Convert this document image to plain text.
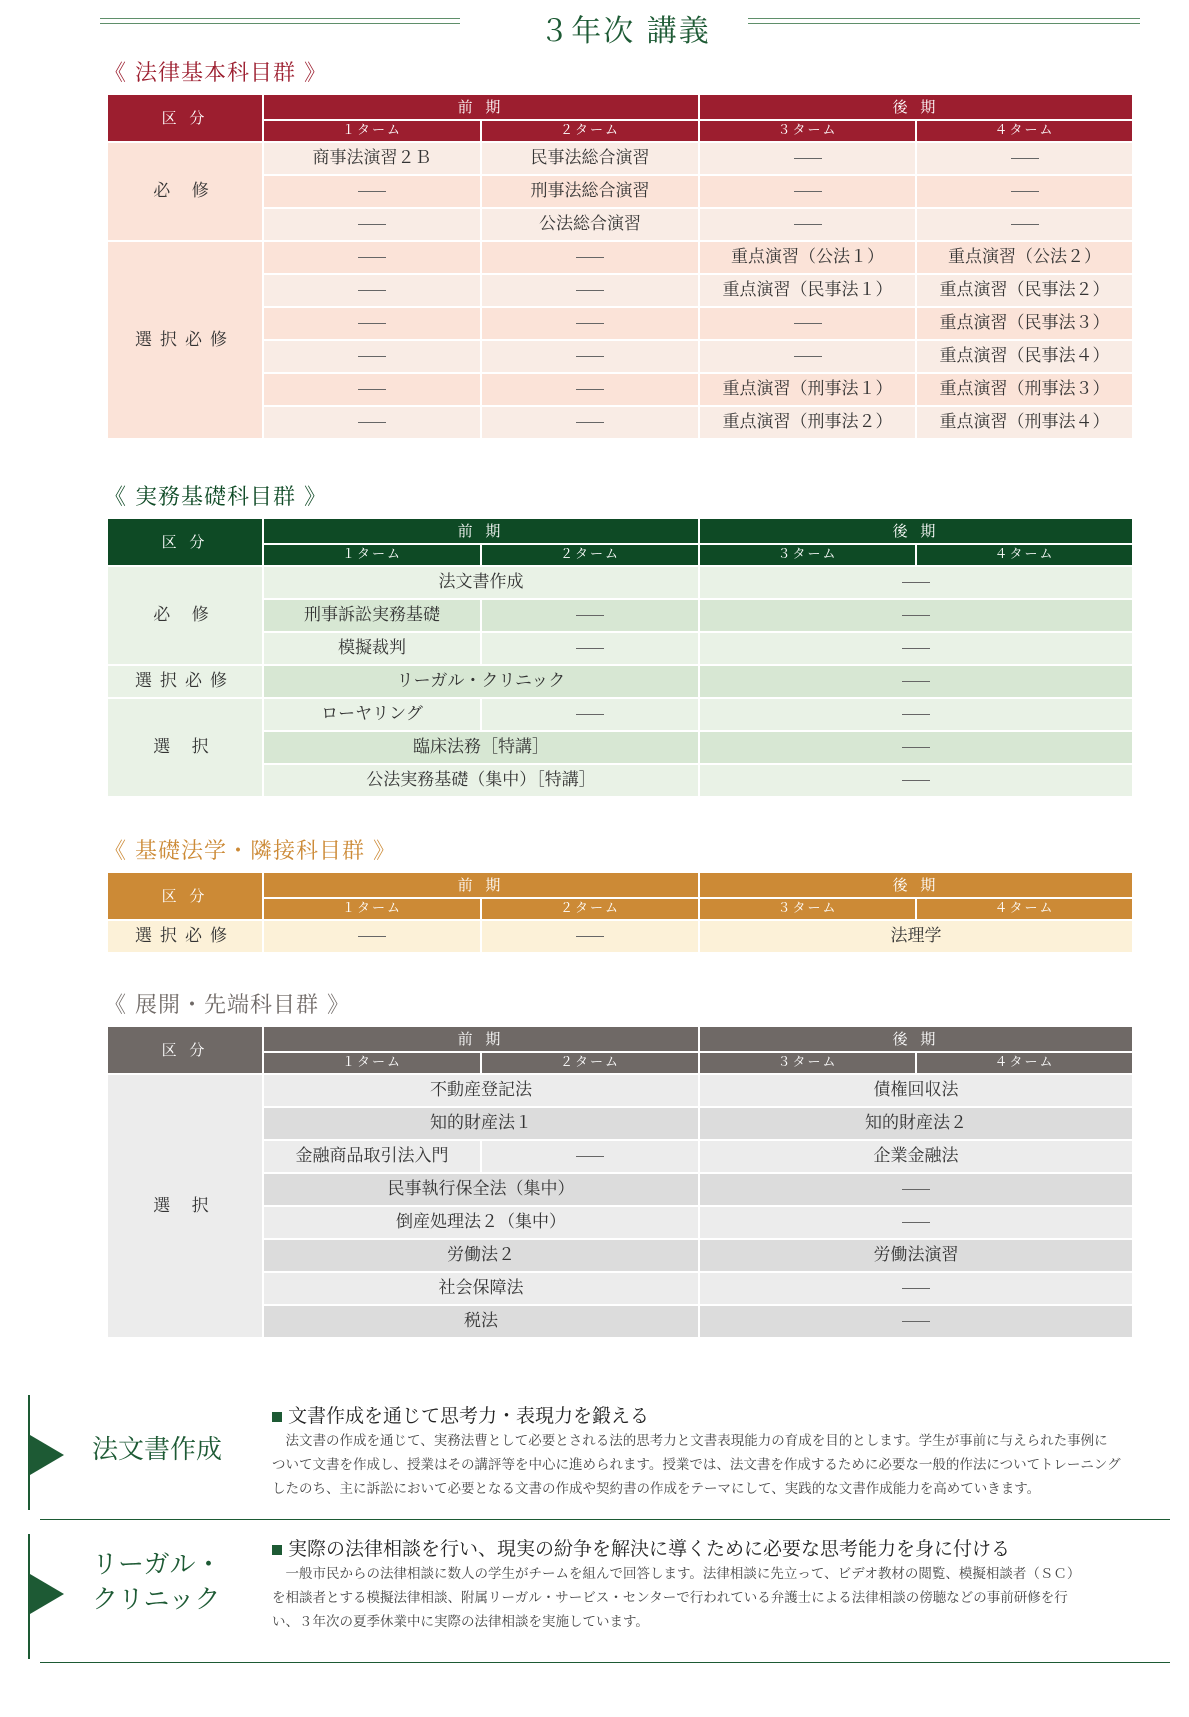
３年次 講義
《 法律基本科目群 》
区 分	前 期		後 期	
	１ターム	２ターム	３ターム	４ターム
必 修	商事法演習２Ｂ	民事法総合演習		
		刑事法総合演習		
		公法総合演習		
選択必修			重点演習（公法１）	重点演習（公法２）
			重点演習（民事法１）	重点演習（民事法２）
				重点演習（民事法３）
				重点演習（民事法４）
			重点演習（刑事法１）	重点演習（刑事法３）
			重点演習（刑事法２）	重点演習（刑事法４）
《 実務基礎科目群 》
区 分	前 期		後 期	
	１ターム	２ターム	３ターム	４ターム
必 修	法文書作成			
	刑事訴訟実務基礎			
	模擬裁判			
選択必修	リーガル・クリニック			
選 択	ローヤリング			
	臨床法務［特講］			
	公法実務基礎（集中）［特講］			
《 基礎法学・隣接科目群 》
区 分	前 期		後 期	
	１ターム	２ターム	３ターム	４ターム
選択必修			法理学	
《 展開・先端科目群 》
区 分	前 期		後 期	
	１ターム	２ターム	３ターム	４ターム
選 択	不動産登記法		債権回収法	
	知的財産法１		知的財産法２	
	金融商品取引法入門		企業金融法	
	民事執行保全法（集中）			
	倒産処理法２（集中）			
	労働法２		労働法演習	
	社会保障法			
	税法			
法文書作成
文書作成を通じて思考力・表現力を鍛える
法文書の作成を通じて、実務法曹として必要とされる法的思考力と文書表現能力の育成を目的とします。学生が事前に与えられた事例に
ついて文書を作成し、授業はその講評等を中心に進められます。授業では、法文書を作成するために必要な一般的作法についてトレーニング
したのち、主に訴訟において必要となる文書の作成や契約書の作成をテーマにして、実践的な文書作成能力を高めていきます。
リーガル・
クリニック
実際の法律相談を行い、現実の紛争を解決に導くために必要な思考能力を身に付ける
一般市民からの法律相談に数人の学生がチームを組んで回答します。法律相談に先立って、ビデオ教材の閲覧、模擬相談者（ＳＣ）
を相談者とする模擬法律相談、附属リーガル・サービス・センターで行われている弁護士による法律相談の傍聴などの事前研修を行
い、３年次の夏季休業中に実際の法律相談を実施しています。
